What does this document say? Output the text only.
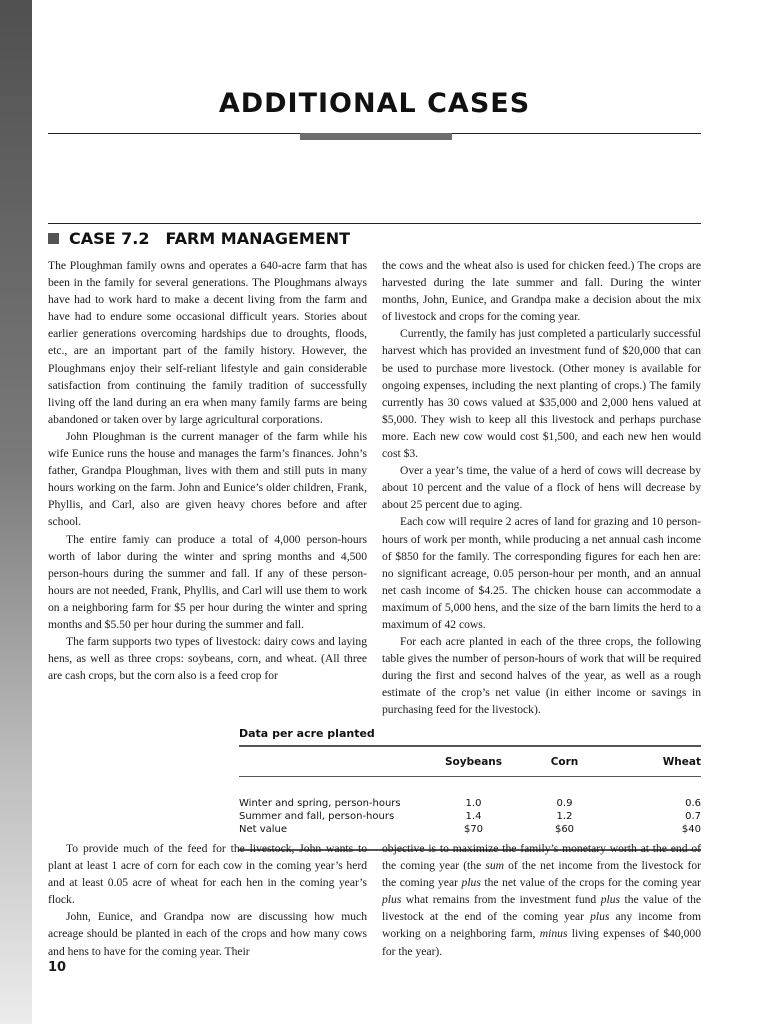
ADDITIONAL CASES
CASE 7.2 FARM MANAGEMENT

The Ploughman family owns and operates a 640-acre farm that has been in the family for several generations. The Ploughmans always have had to work hard to make a decent living from the farm and have had to endure some occasional difficult years. Stories about earlier generations overcoming hardships due to droughts, floods, etc., are an important part of the family history. However, the Ploughmans enjoy their self-reliant lifestyle and gain considerable satisfaction from continuing the family tradition of successfully living off the land during an era when many family farms are being abandoned or taken over by large agricultural corporations.

John Ploughman is the current manager of the farm while his wife Eunice runs the house and manages the farm’s finances. John’s father, Grandpa Ploughman, lives with them and still puts in many hours working on the farm. John and Eunice’s older children, Frank, Phyllis, and Carl, also are given heavy chores before and after school.

The entire famiy can produce a total of 4,000 person-hours worth of labor during the winter and spring months and 4,500 person-hours during the summer and fall. If any of these person-hours are not needed, Frank, Phyllis, and Carl will use them to work on a neighboring farm for $5 per hour during the winter and spring months and $5.50 per hour during the summer and fall.

The farm supports two types of livestock: dairy cows and laying hens, as well as three crops: soybeans, corn, and wheat. (All three are cash crops, but the corn also is a feed crop for

the cows and the wheat also is used for chicken feed.) The crops are harvested during the late summer and fall. During the winter months, John, Eunice, and Grandpa make a decision about the mix of livestock and crops for the coming year.

Currently, the family has just completed a particularly successful harvest which has provided an investment fund of $20,000 that can be used to purchase more livestock. (Other money is available for ongoing expenses, including the next planting of crops.) The family currently has 30 cows valued at $35,000 and 2,000 hens valued at $5,000. They wish to keep all this livestock and perhaps purchase more. Each new cow would cost $1,500, and each new hen would cost $3.

Over a year’s time, the value of a herd of cows will decrease by about 10 percent and the value of a flock of hens will decrease by about 25 percent due to aging.

Each cow will require 2 acres of land for grazing and 10 person-hours of work per month, while producing a net annual cash income of $850 for the family. The corresponding figures for each hen are: no significant acreage, 0.05 person-hour per month, and an annual net cash income of $4.25. The chicken house can accommodate a maximum of 5,000 hens, and the size of the barn limits the herd to a maximum of 42 cows.

For each acre planted in each of the three crops, the following table gives the number of person-hours of work that will be required during the first and second halves of the year, as well as a rough estimate of the crop’s net value (in either income or savings in purchasing feed for the livestock).

Data per acre planted
	Soybeans	Corn	Wheat
Winter and spring, person-hours	1.0	0.9	0.6
Summer and fall, person-hours	1.4	1.2	0.7
Net value	$70	$60	$40

To provide much of the feed for the livestock, John wants to plant at least 1 acre of corn for each cow in the coming year’s herd and at least 0.05 acre of wheat for each hen in the coming year’s flock.

John, Eunice, and Grandpa now are discussing how much acreage should be planted in each of the crops and how many cows and hens to have for the coming year. Their

objective is to maximize the family’s monetary worth at the end of the coming year (the sum of the net income from the livestock for the coming year plus the net value of the crops for the coming year plus what remains from the investment fund plus the value of the livestock at the end of the coming year plus any income from working on a neighboring farm, minus living expenses of $40,000 for the year).

10
